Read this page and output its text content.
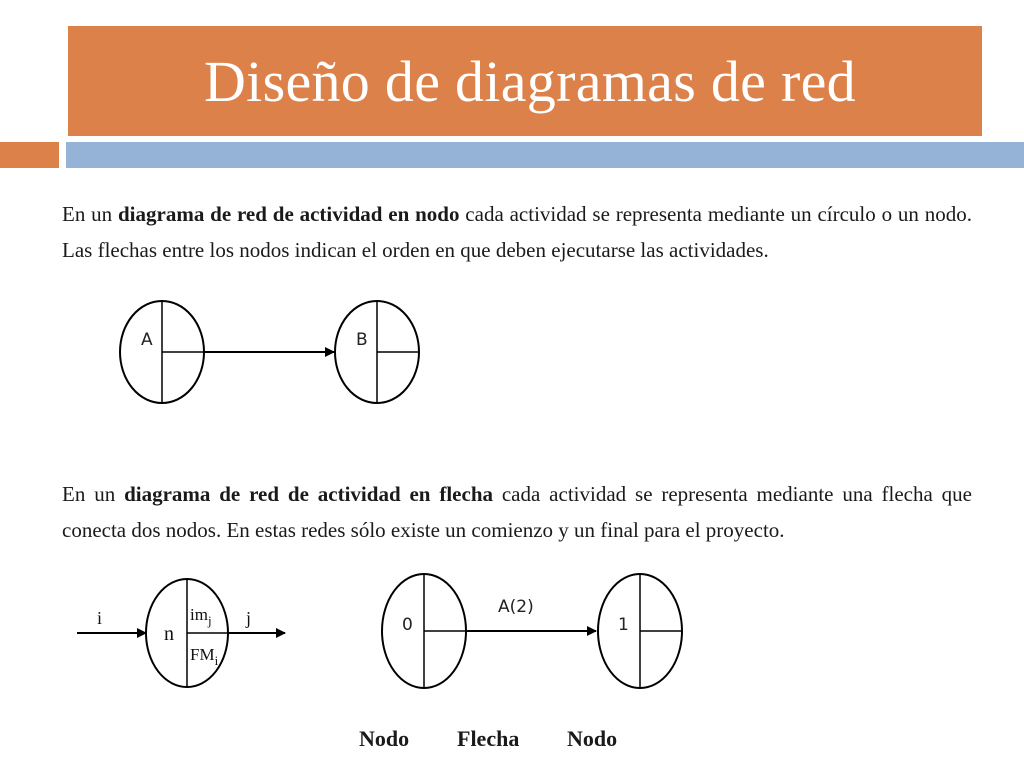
Diseño de diagramas de red
En un diagrama de red de actividad en nodo cada actividad se representa mediante un círculo o un nodo. Las flechas entre los nodos indican el orden en que deben ejecutarse las actividades.
En un diagrama de red de actividad en flecha cada actividad se representa mediante una flecha que conecta dos nodos. En estas redes sólo existe un comienzo y un final para el proyecto.
A	B
i
n
$im_j$
$FM_i$
j	0
A(2)
1
Nodo Flecha Nodo
